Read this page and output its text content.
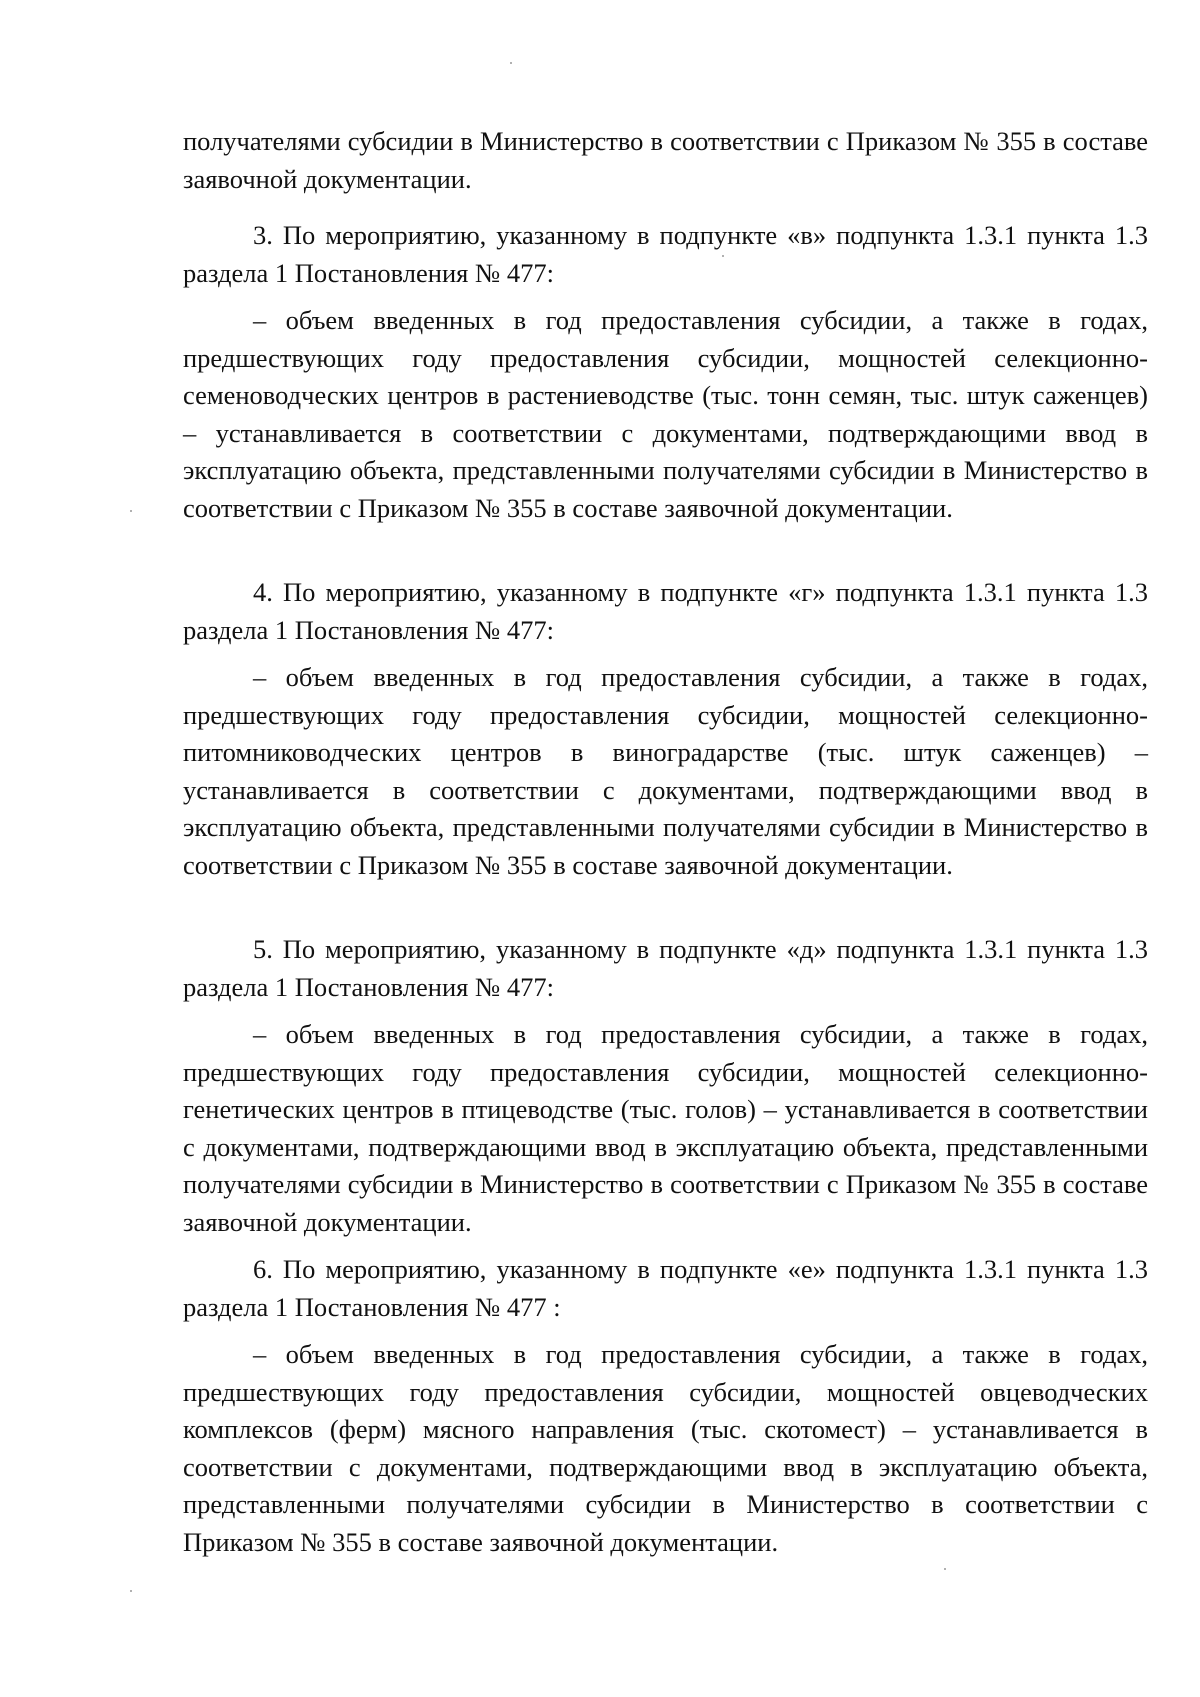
получателями субсидии в Министерство в соответствии с Приказом № 355 в составе заявочной документации.

3. По мероприятию, указанному в подпункте «в» подпункта 1.3.1 пункта 1.3 раздела 1 Постановления № 477:

– объем введенных в год предоставления субсидии, а также в годах, предшествующих году предоставления субсидии, мощностей селекционно-семеноводческих центров в растениеводстве (тыс. тонн семян, тыс. штук саженцев) – устанавливается в соответствии с документами, подтверждающими ввод в эксплуатацию объекта, представленными получателями субсидии в Министерство в соответствии с Приказом № 355 в составе заявочной документации.

4. По мероприятию, указанному в подпункте «г» подпункта 1.3.1 пункта 1.3 раздела 1 Постановления № 477:

– объем введенных в год предоставления субсидии, а также в годах, предшествующих году предоставления субсидии, мощностей селекционно-питомниководческих центров в виноградарстве (тыс. штук саженцев) – устанавливается в соответствии с документами, подтверждающими ввод в эксплуатацию объекта, представленными получателями субсидии в Министерство в соответствии с Приказом № 355 в составе заявочной документации.

5. По мероприятию, указанному в подпункте «д» подпункта 1.3.1 пункта 1.3 раздела 1 Постановления № 477:

– объем введенных в год предоставления субсидии, а также в годах, предшествующих году предоставления субсидии, мощностей селекционно-генетических центров в птицеводстве (тыс. голов) – устанавливается в соответствии с документами, подтверждающими ввод в эксплуатацию объекта, представленными получателями субсидии в Министерство в соответствии с Приказом № 355 в составе заявочной документации.

6. По мероприятию, указанному в подпункте «е» подпункта 1.3.1 пункта 1.3 раздела 1 Постановления № 477 :

– объем введенных в год предоставления субсидии, а также в годах, предшествующих году предоставления субсидии, мощностей овцеводческих комплексов (ферм) мясного направления (тыс. скотомест) – устанавливается в соответствии с документами, подтверждающими ввод в эксплуатацию объекта, представленными получателями субсидии в Министерство в соответствии с Приказом № 355 в составе заявочной документации.
